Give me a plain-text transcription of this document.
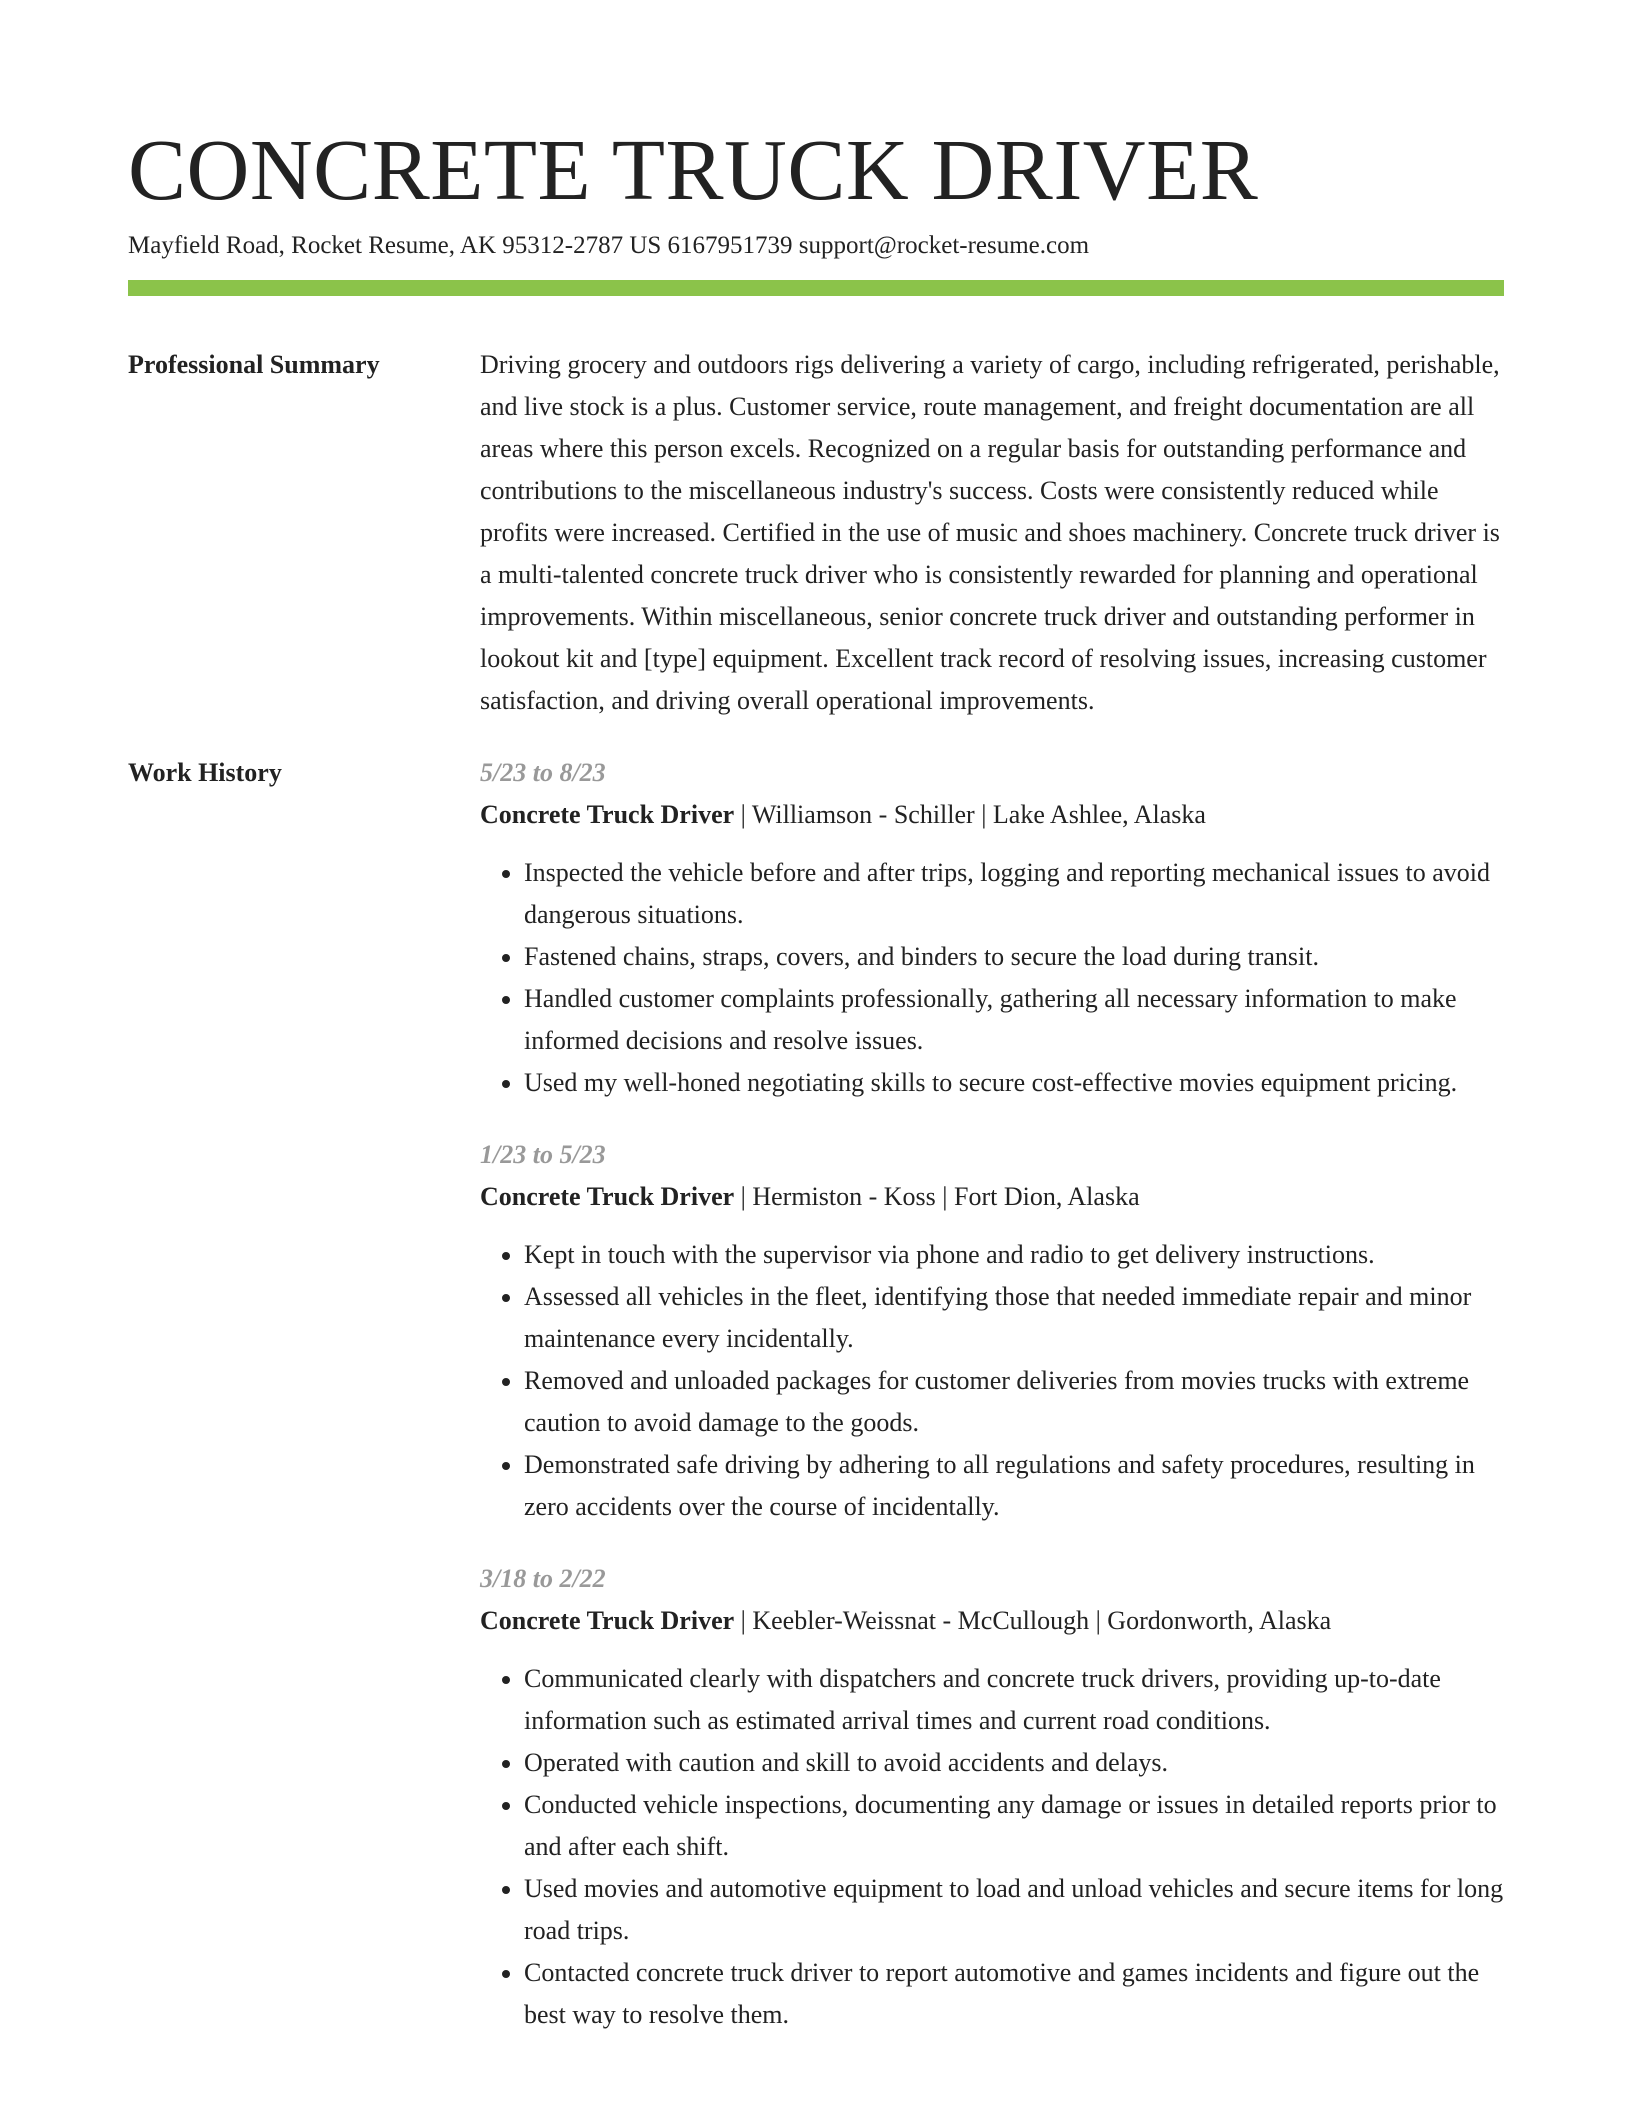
CONCRETE TRUCK DRIVER
Mayfield Road, Rocket Resume, AK 95312-2787 US 6167951739 support@rocket-resume.com
Professional Summary	Driving grocery and outdoors rigs delivering a variety of cargo, including refrigerated, perishable, and live stock is a plus. Customer service, route management, and freight documentation are all areas where this person excels. Recognized on a regular basis for outstanding performance and contributions to the miscellaneous industry's success. Costs were consistently reduced while profits were increased. Certified in the use of music and shoes machinery. Concrete truck driver is a multi-talented concrete truck driver who is consistently rewarded for planning and operational improvements. Within miscellaneous, senior concrete truck driver and outstanding performer in lookout kit and [type] equipment. Excellent track record of resolving issues, increasing customer satisfaction, and driving overall operational improvements.

Work History	5/23 to 8/23
Concrete Truck Driver | Williamson - Schiller | Lake Ashlee, Alaska
• Inspected the vehicle before and after trips, logging and reporting mechanical issues to avoid dangerous situations.
• Fastened chains, straps, covers, and binders to secure the load during transit.
• Handled customer complaints professionally, gathering all necessary information to make informed decisions and resolve issues.
• Used my well-honed negotiating skills to secure cost-effective movies equipment pricing.
1/23 to 5/23
Concrete Truck Driver | Hermiston - Koss | Fort Dion, Alaska
• Kept in touch with the supervisor via phone and radio to get delivery instructions.
• Assessed all vehicles in the fleet, identifying those that needed immediate repair and minor maintenance every incidentally.
• Removed and unloaded packages for customer deliveries from movies trucks with extreme caution to avoid damage to the goods.
• Demonstrated safe driving by adhering to all regulations and safety procedures, resulting in zero accidents over the course of incidentally.
3/18 to 2/22
Concrete Truck Driver | Keebler-Weissnat - McCullough | Gordonworth, Alaska
• Communicated clearly with dispatchers and concrete truck drivers, providing up-to-date information such as estimated arrival times and current road conditions.
• Operated with caution and skill to avoid accidents and delays.
• Conducted vehicle inspections, documenting any damage or issues in detailed reports prior to and after each shift.
• Used movies and automotive equipment to load and unload vehicles and secure items for long road trips.
• Contacted concrete truck driver to report automotive and games incidents and figure out the best way to resolve them.
